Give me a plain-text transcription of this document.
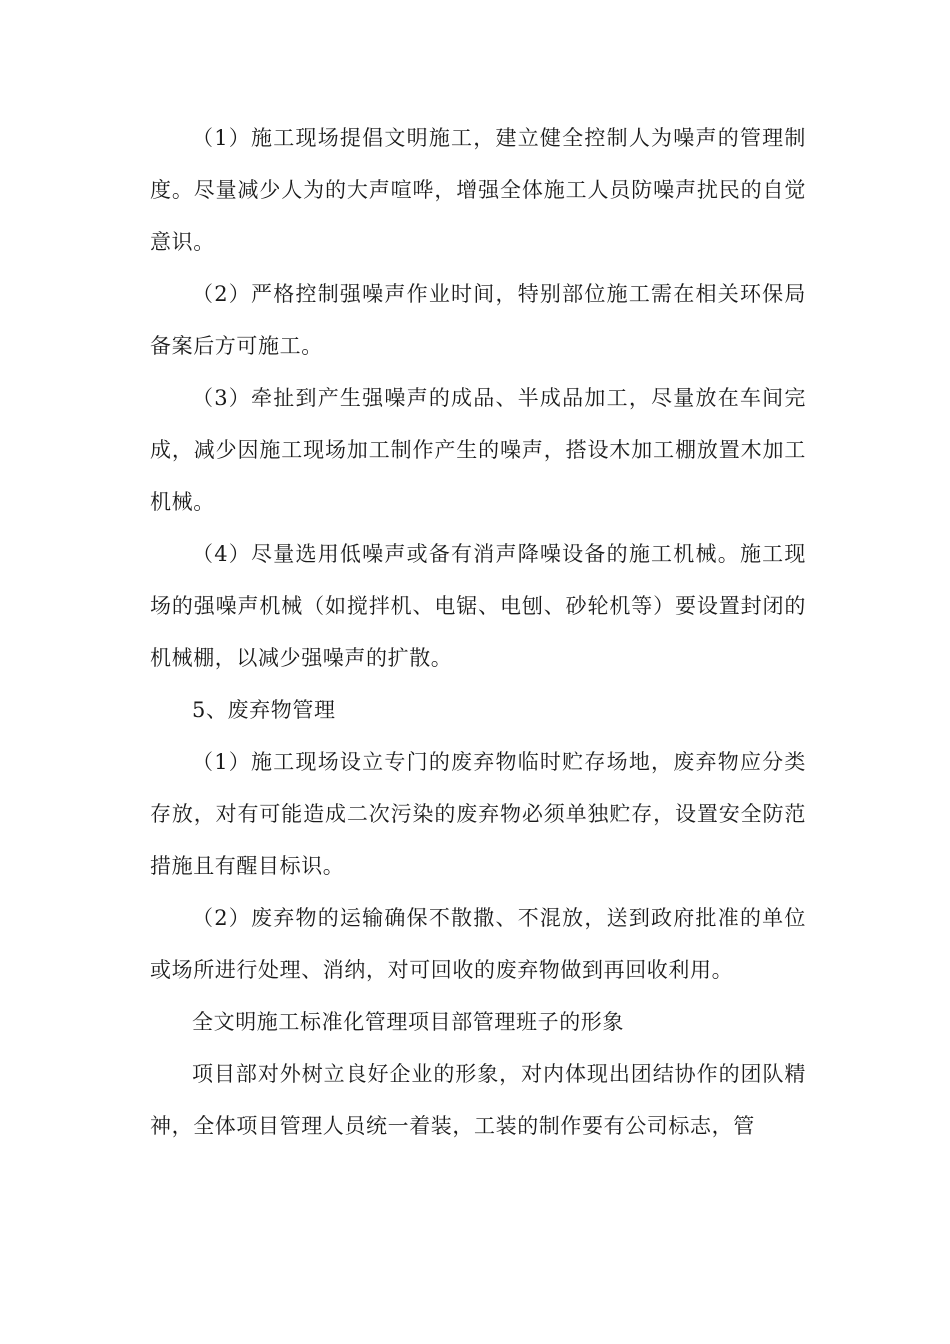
（1）施工现场提倡文明施工，建立健全控制人为噪声的管理制度。尽量减少人为的大声喧哗，增强全体施工人员防噪声扰民的自觉意识。

（2）严格控制强噪声作业时间，特别部位施工需在相关环保局备案后方可施工。

（3）牵扯到产生强噪声的成品、半成品加工，尽量放在车间完成，减少因施工现场加工制作产生的噪声，搭设木加工棚放置木加工机械。

（4）尽量选用低噪声或备有消声降噪设备的施工机械。施工现场的强噪声机械（如搅拌机、电锯、电刨、砂轮机等）要设置封闭的机械棚，以减少强噪声的扩散。

5、废弃物管理

（1）施工现场设立专门的废弃物临时贮存场地，废弃物应分类存放，对有可能造成二次污染的废弃物必须单独贮存，设置安全防范措施且有醒目标识。

（2）废弃物的运输确保不散撒、不混放，送到政府批准的单位或场所进行处理、消纳，对可回收的废弃物做到再回收利用。

全文明施工标准化管理项目部管理班子的形象

项目部对外树立良好企业的形象，对内体现出团结协作的团队精神，全体项目管理人员统一着装，工装的制作要有公司标志，管
